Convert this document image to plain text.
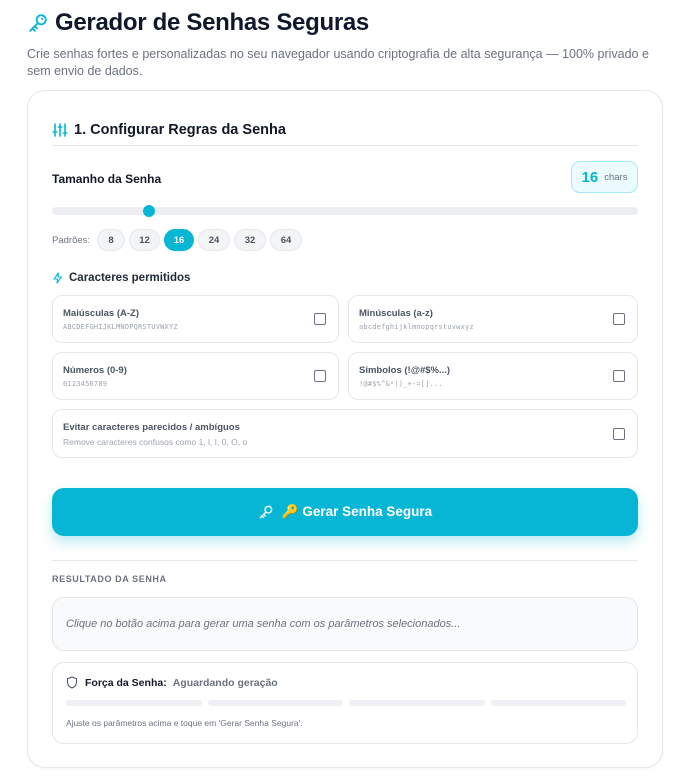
Gerador de Senhas Seguras

Crie senhas fortes e personalizadas no seu navegador usando criptografia de alta segurança — 100% privado e sem envio de dados.

1. Configurar Regras da Senha
Tamanho da Senha	16 chars
Padrões:	8	12	16	24	32	64
Caracteres permitidos
Maiúsculas (A-Z)
ABCDEFGHIJKLMNOPQRSTUVWXYZ
Minúsculas (a-z)
abcdefghijklmnopqrstuvwxyz
Números (0-9)
0123456789
Símbolos (!@#$%...)
!@#$%^&*()_+-=[]...
Evitar caracteres parecidos / ambíguos
Remove caracteres confusos como 1, l, I, 0, O, o
🔑 Gerar Senha Segura
RESULTADO DA SENHA
Clique no botão acima para gerar uma senha com os parâmetros selecionados...
Força da Senha: Aguardando geração
Ajuste os parâmetros acima e toque em 'Gerar Senha Segura'.
